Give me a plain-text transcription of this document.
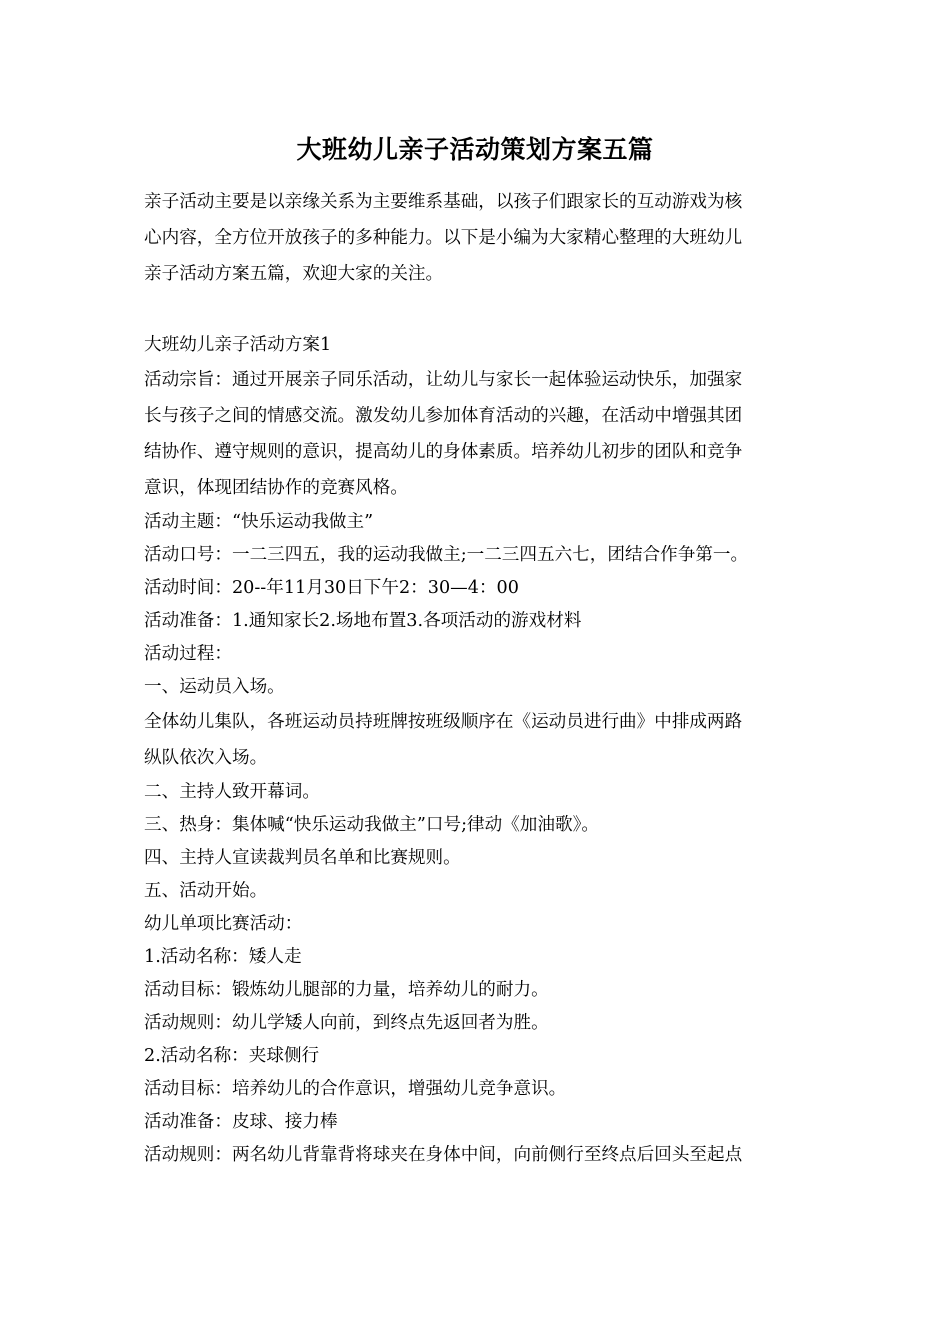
大班幼儿亲子活动策划方案五篇

亲子活动主要是以亲缘关系为主要维系基础，以孩子们跟家长的互动游戏为核

心内容，全方位开放孩子的多种能力。以下是小编为大家精心整理的大班幼儿

亲子活动方案五篇，欢迎大家的关注。

大班幼儿亲子活动方案1

活动宗旨：通过开展亲子同乐活动，让幼儿与家长一起体验运动快乐，加强家

长与孩子之间的情感交流。激发幼儿参加体育活动的兴趣，在活动中增强其团

结协作、遵守规则的意识，提高幼儿的身体素质。培养幼儿初步的团队和竞争

意识，体现团结协作的竞赛风格。

活动主题：“快乐运动我做主”

活动口号：一二三四五，我的运动我做主;一二三四五六七，团结合作争第一。

活动时间：20--年11月30日下午2：30—4：00

活动准备：1.通知家长2.场地布置3.各项活动的游戏材料

活动过程：

一、运动员入场。

全体幼儿集队，各班运动员持班牌按班级顺序在《运动员进行曲》中排成两路

纵队依次入场。

二、主持人致开幕词。

三、热身：集体喊“快乐运动我做主”口号;律动《加油歌》。

四、主持人宣读裁判员名单和比赛规则。

五、活动开始。

幼儿单项比赛活动：

1.活动名称：矮人走

活动目标：锻炼幼儿腿部的力量，培养幼儿的耐力。

活动规则：幼儿学矮人向前，到终点先返回者为胜。

2.活动名称：夹球侧行

活动目标：培养幼儿的合作意识，增强幼儿竞争意识。

活动准备：皮球、接力棒

活动规则：两名幼儿背靠背将球夹在身体中间，向前侧行至终点后回头至起点
